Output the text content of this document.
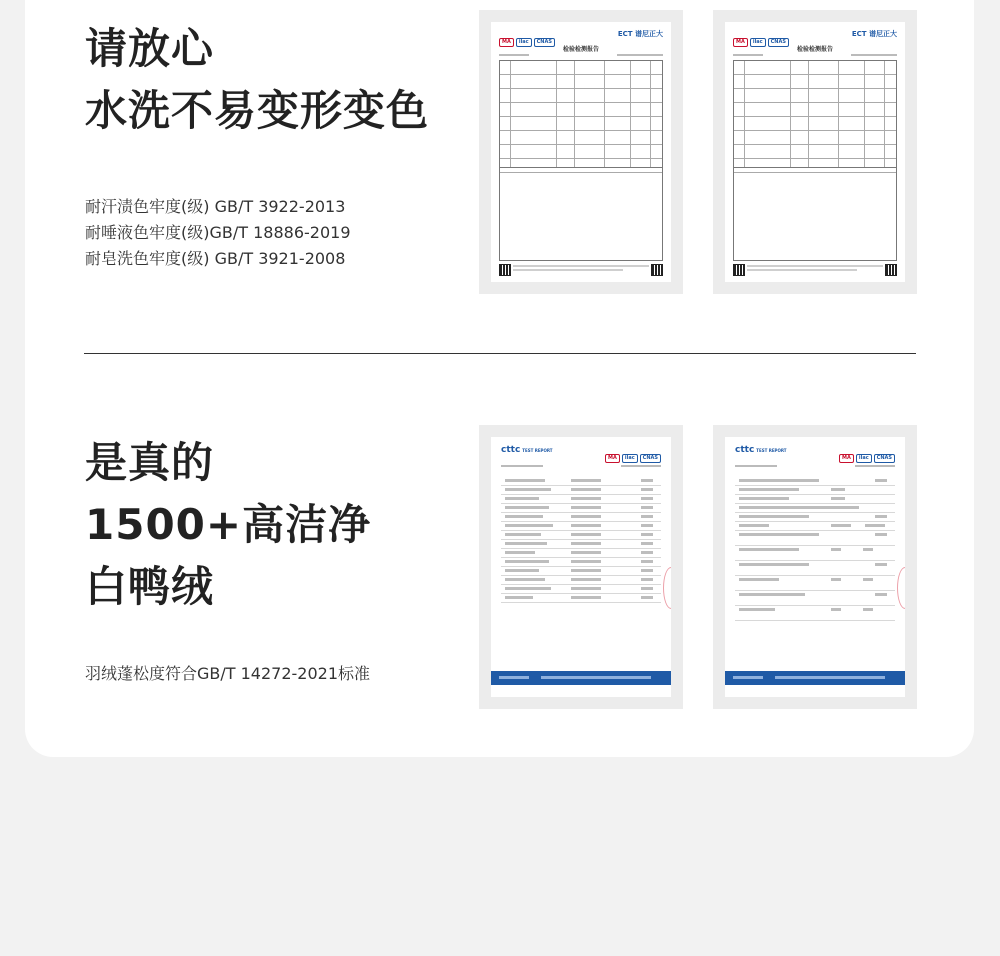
请放心
水洗不易变形变色
耐汗渍色牢度(级) GB/T 3922-2013
耐唾液色牢度(级)GB/T 18886-2019
耐皂洗色牢度(级) GB/T 3921-2008
MA ilac CNAS
ECT 谱尼正大
检验检测报告
MA ilac CNAS
ECT 谱尼正大
检验检测报告
是真的
1500+高洁净
白鸭绒
羽绒蓬松度符合GB/T 14272-2021标准
cttc TEST REPORT
MA ilac CNAS
cttc TEST REPORT
MA ilac CNAS
